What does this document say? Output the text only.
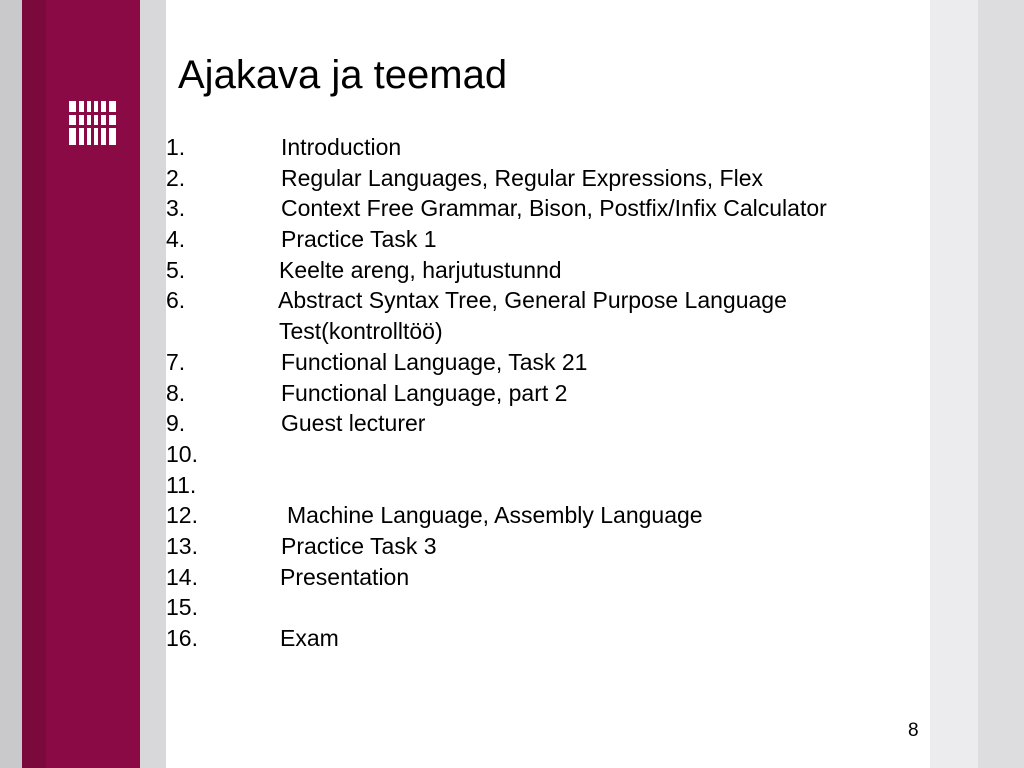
Ajakava ja teemad
1.	Introduction
2.	Regular Languages, Regular Expressions, Flex
3.	Context Free Grammar, Bison, Postfix/Infix Calculator
4.	Practice Task 1
5.	Keelte areng, harjutustunnd
6.	Abstract Syntax Tree, General Purpose Language
Test(kontrolltöö)
7.	Functional Language, Task 21
8.	Functional Language, part 2
9.	Guest lecturer
10.
11.
12.	Machine Language, Assembly Language
13.	Practice Task 3
14.	Presentation
15.
16.	Exam
8
